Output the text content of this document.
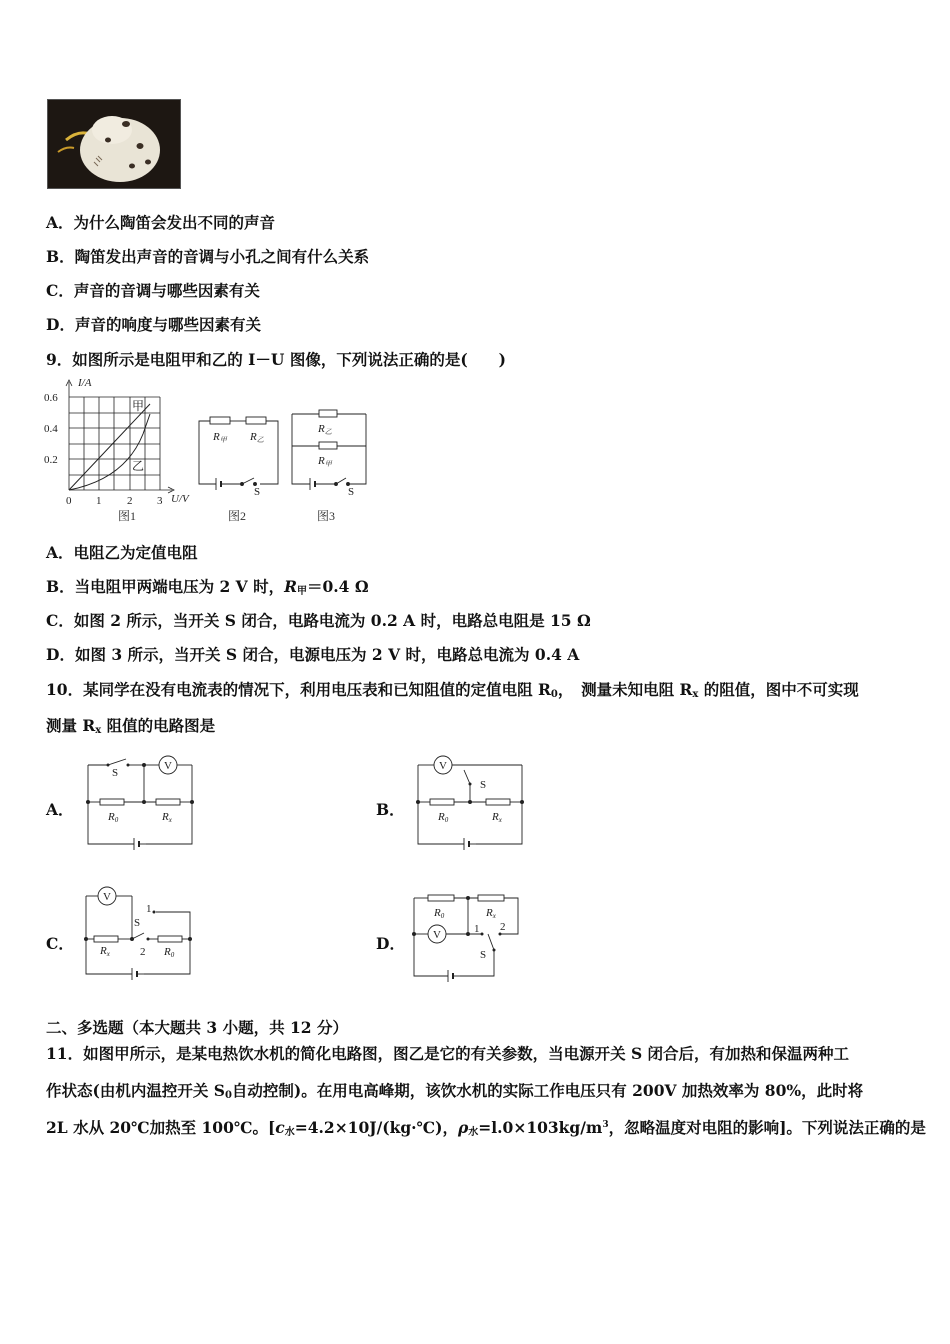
A．为什么陶笛会发出不同的声音
B．陶笛发出声音的音调与小孔之间有什么关系
C．声音的音调与哪些因素有关
D．声音的响度与哪些因素有关
9．如图所示是电阻甲和乙的 I－U 图像，下列说法正确的是(　　)
I/A
0.6
0.4
0.2
0 1 2 3 U/V
甲
乙
图1
R甲 R乙
S
图2
R乙
R甲
S
图3
A．电阻乙为定值电阻
B．当电阻甲两端电压为 2 V 时，$R_甲=0.4$ Ω
C．如图 2 所示，当开关 S 闭合，电路电流为 0.2 A 时，电路总电阻是 15 Ω
D．如图 3 所示，当开关 S 闭合，电源电压为 2 V 时，电路总电流为 0.4 A
10．某同学在没有电流表的情况下，利用电压表和已知阻值的定值电阻 $R_0$，　测量未知电阻 $R_x$ 的阻值，图中不可实现
测量 $R_x$ 阻值的电路图是
A．	B．
C．	D．
V
S
R0	Rx
V
S
R0	Rx
V
S
1
2
Rx	R0
V
R0	Rx
1 2
S
二、多选题（本大题共 3 小题，共 12 分）
11．如图甲所示，是某电热饮水机的简化电路图，图乙是它的有关参数，当电源开关 S 闭合后，有加热和保温两种工
作状态(由机内温控开关 $S_0$自动控制)。在用电高峰期，该饮水机的实际工作电压只有 200V 加热效率为 80%，此时将
2L 水从 20℃加热至 100℃。[$c_水=4.2\times 10J/(kg\cdot℃)$，$\rho_水=l.0\times 103kg/m^3$，忽略温度对电阻的影响]。下列说法正确的是
